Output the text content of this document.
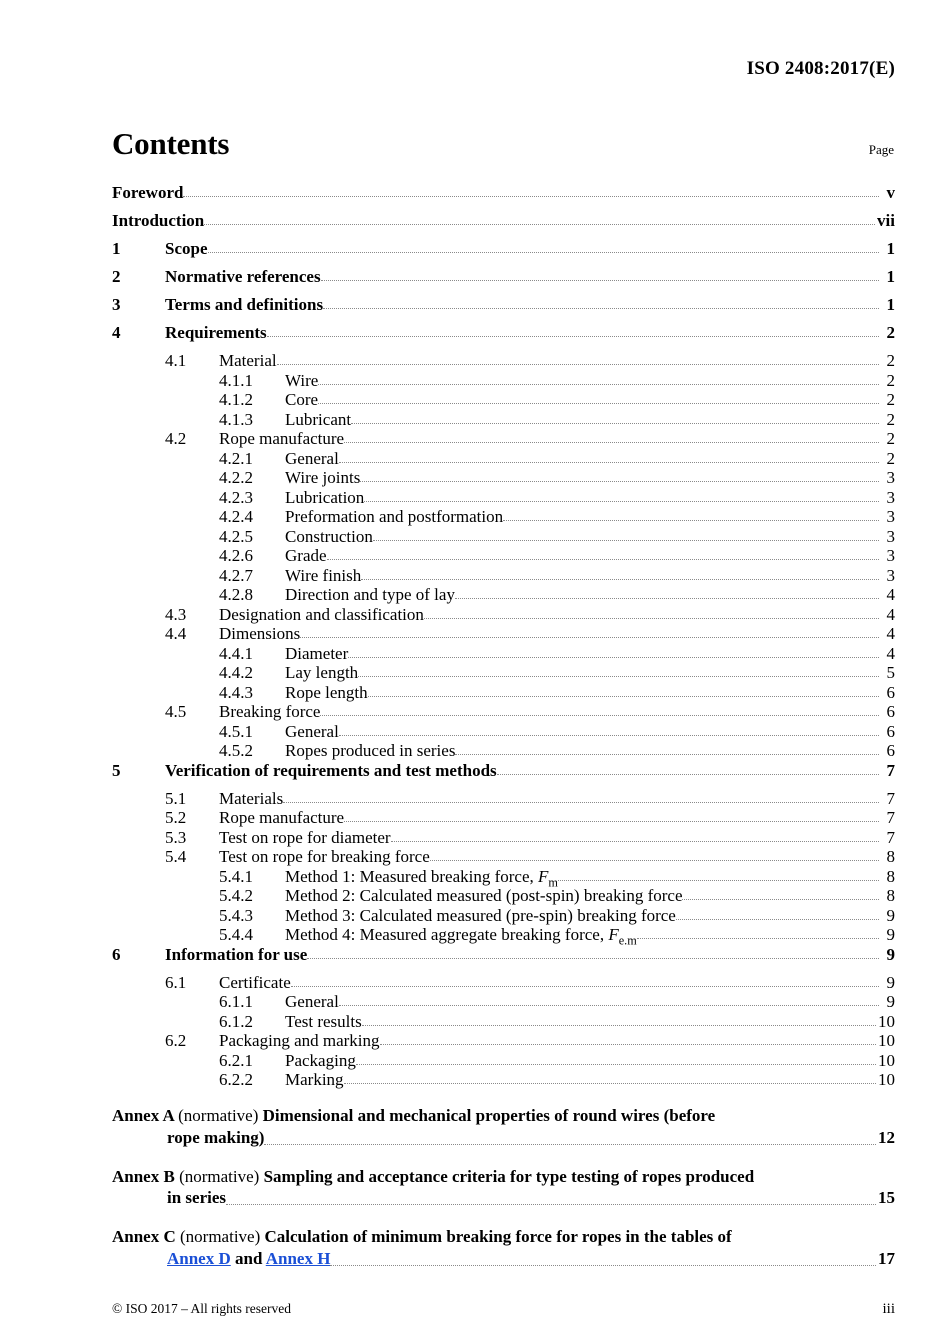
ISO 2408:2017(E)
Contents	Page
Foreword	v
Introduction	vii
1	Scope	1
2	Normative references	1
3	Terms and definitions	1
4	Requirements	2
4.1	Material	2
4.1.1	Wire	2
4.1.2	Core	2
4.1.3	Lubricant	2
4.2	Rope manufacture	2
4.2.1	General	2
4.2.2	Wire joints	3
4.2.3	Lubrication	3
4.2.4	Preformation and postformation	3
4.2.5	Construction	3
4.2.6	Grade	3
4.2.7	Wire finish	3
4.2.8	Direction and type of lay	4
4.3	Designation and classification	4
4.4	Dimensions	4
4.4.1	Diameter	4
4.4.2	Lay length	5
4.4.3	Rope length	6
4.5	Breaking force	6
4.5.1	General	6
4.5.2	Ropes produced in series	6
5	Verification of requirements and test methods	7
5.1	Materials	7
5.2	Rope manufacture	7
5.3	Test on rope for diameter	7
5.4	Test on rope for breaking force	8
5.4.1	Method 1: Measured breaking force, $F_m$	8
5.4.2	Method 2: Calculated measured (post-spin) breaking force	8
5.4.3	Method 3: Calculated measured (pre-spin) breaking force	9
5.4.4	Method 4: Measured aggregate breaking force, $F_{e.m}$	9
6	Information for use	9
6.1	Certificate	9
6.1.1	General	9
6.1.2	Test results	10
6.2	Packaging and marking	10
6.2.1	Packaging	10
6.2.2	Marking	10
Annex A (normative) Dimensional and mechanical properties of round wires (before
rope making)	12
Annex B (normative) Sampling and acceptance criteria for type testing of ropes produced
in series	15
Annex C (normative) Calculation of minimum breaking force for ropes in the tables of
Annex D and Annex H	17
© ISO 2017 – All rights reserved	iii
